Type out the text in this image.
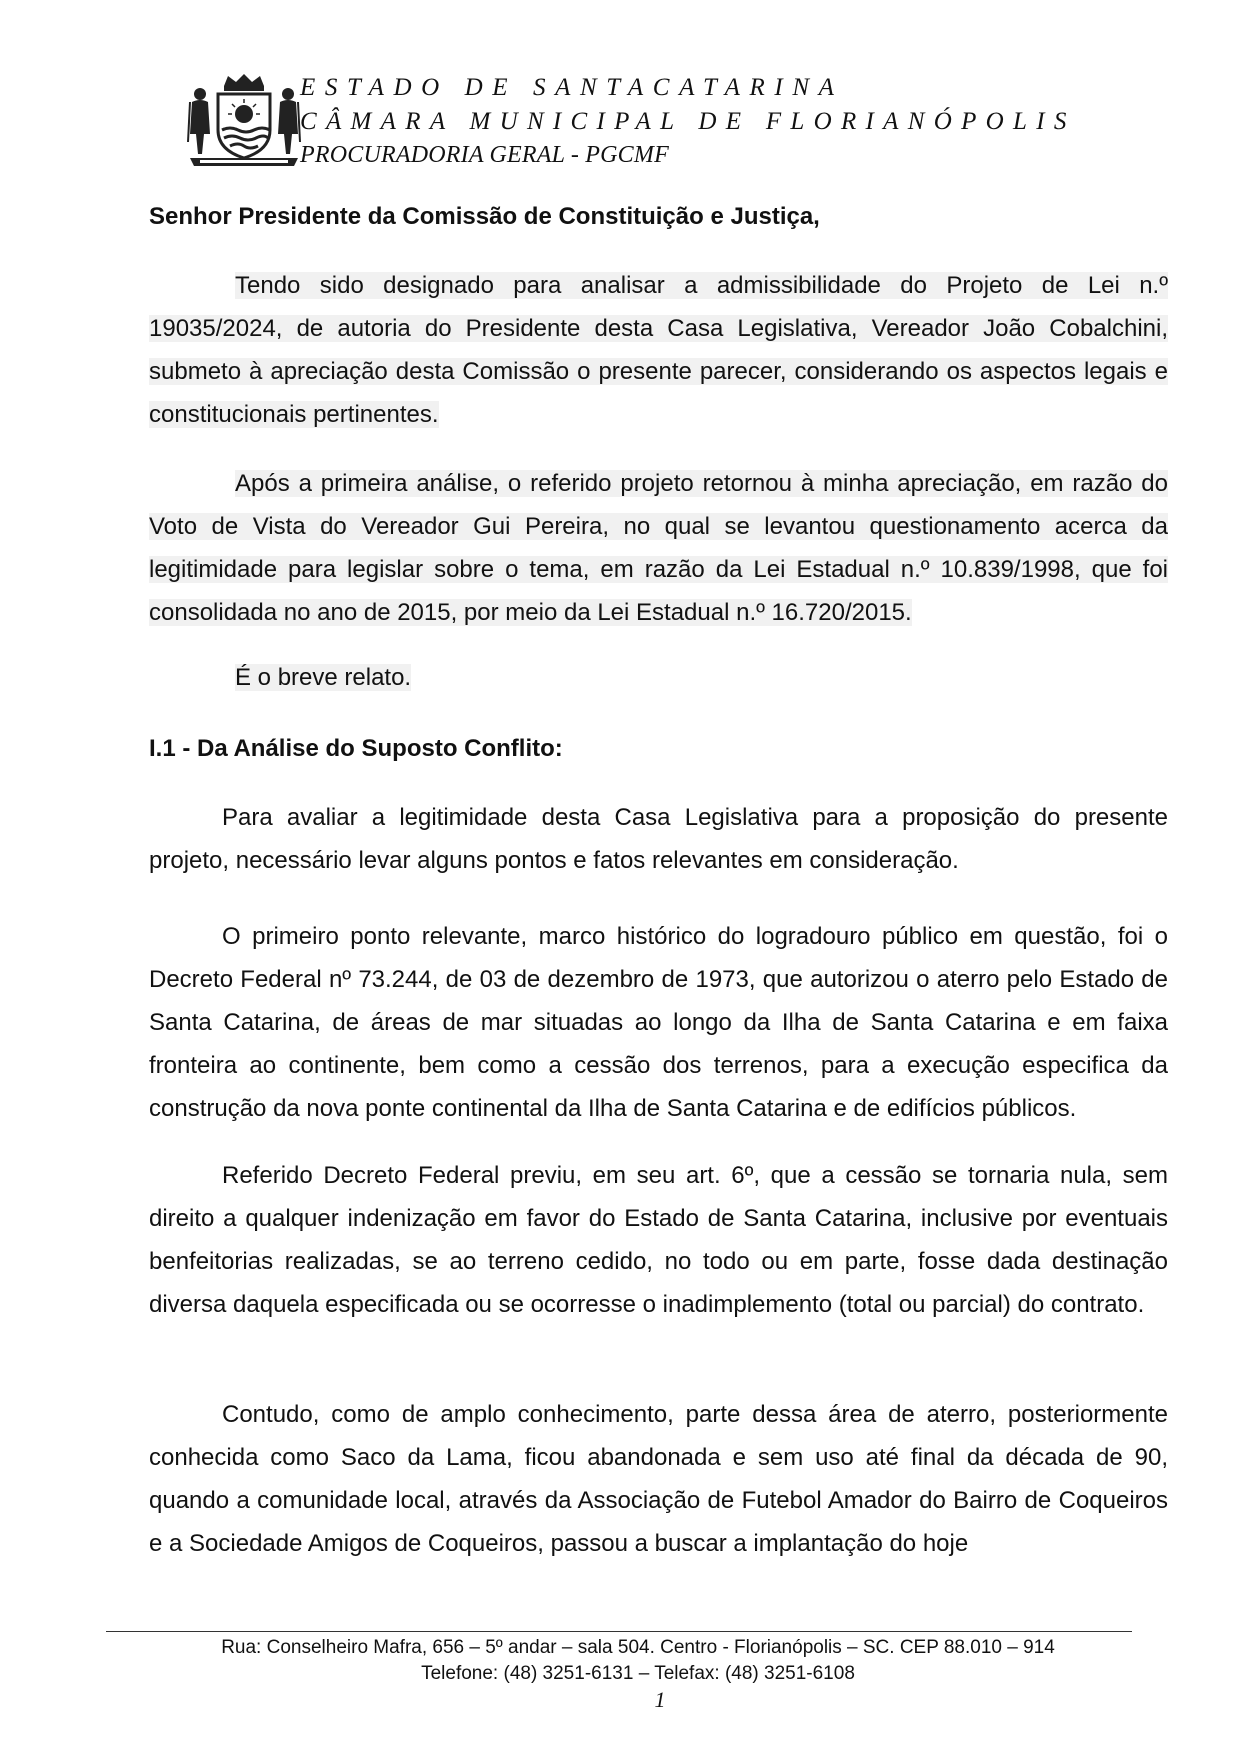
ESTADO DE SANTACATARINA
CÂMARA MUNICIPAL DE FLORIANÓPOLIS
PROCURADORIA GERAL - PGCMF
Senhor Presidente da Comissão de Constituição e Justiça,
Tendo sido designado para analisar a admissibilidade do Projeto de Lei n.º 19035/2024, de autoria do Presidente desta Casa Legislativa, Vereador João Cobalchini, submeto à apreciação desta Comissão o presente parecer, considerando os aspectos legais e constitucionais pertinentes.
Após a primeira análise, o referido projeto retornou à minha apreciação, em razão do Voto de Vista do Vereador Gui Pereira, no qual se levantou questionamento acerca da legitimidade para legislar sobre o tema, em razão da Lei Estadual n.º 10.839/1998, que foi consolidada no ano de 2015, por meio da Lei Estadual n.º 16.720/2015.
É o breve relato.
I.1 - Da Análise do Suposto Conflito:
Para avaliar a legitimidade desta Casa Legislativa para a proposição do presente projeto, necessário levar alguns pontos e fatos relevantes em consideração.
O primeiro ponto relevante, marco histórico do logradouro público em questão, foi o Decreto Federal nº 73.244, de 03 de dezembro de 1973, que autorizou o aterro pelo Estado de Santa Catarina, de áreas de mar situadas ao longo da Ilha de Santa Catarina e em faixa fronteira ao continente, bem como a cessão dos terrenos, para a execução especifica da construção da nova ponte continental da Ilha de Santa Catarina e de edifícios públicos.
Referido Decreto Federal previu, em seu art. 6º, que a cessão se tornaria nula, sem direito a qualquer indenização em favor do Estado de Santa Catarina, inclusive por eventuais benfeitorias realizadas, se ao terreno cedido, no todo ou em parte, fosse dada destinação diversa daquela especificada ou se ocorresse o inadimplemento (total ou parcial) do contrato.
Contudo, como de amplo conhecimento, parte dessa área de aterro, posteriormente conhecida como Saco da Lama, ficou abandonada e sem uso até final da década de 90, quando a comunidade local, através da Associação de Futebol Amador do Bairro de Coqueiros e a Sociedade Amigos de Coqueiros, passou a buscar a implantação do hoje
Rua: Conselheiro Mafra, 656 – 5º andar – sala 504. Centro - Florianópolis – SC. CEP 88.010 – 914
Telefone: (48) 3251-6131 – Telefax: (48) 3251-6108
1
